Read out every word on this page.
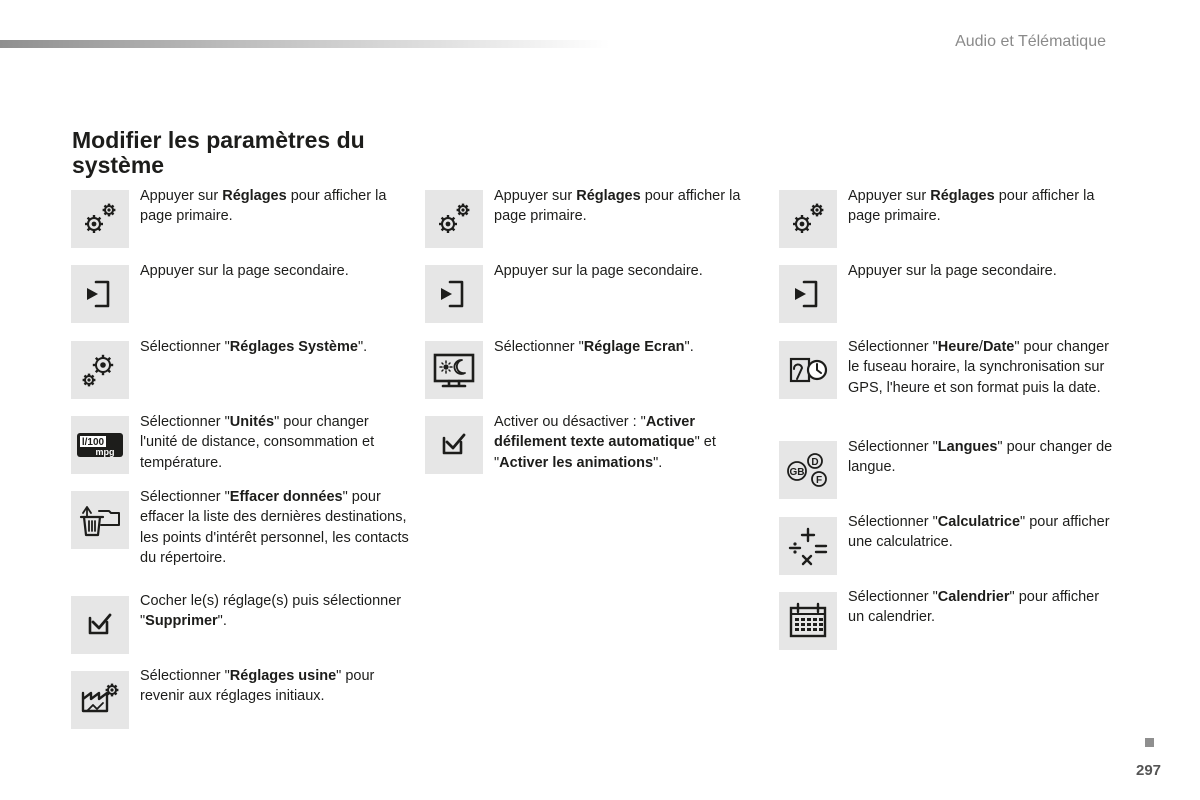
Audio et Télématique
Modifier les paramètres du système
Appuyer sur Réglages pour afficher la page primaire.
Appuyer sur la page secondaire.
Sélectionner "Réglages Système".
l/100
mpg
Sélectionner "Unités" pour changer l'unité de distance, consommation et température.
Sélectionner "Effacer données" pour effacer la liste des dernières destinations, les points d'intérêt personnel, les contacts du répertoire.
Cocher le(s) réglage(s) puis sélectionner "Supprimer".
Sélectionner "Réglages usine" pour revenir aux réglages initiaux.
Appuyer sur Réglages pour afficher la page primaire.
Appuyer sur la page secondaire.
Sélectionner "Réglage Ecran".
Activer ou désactiver : "Activer défilement texte automatique" et "Activer les animations".
Appuyer sur Réglages pour afficher la page primaire.
Appuyer sur la page secondaire.
Sélectionner "Heure/Date" pour changer le fuseau horaire, la synchronisation sur GPS, l'heure et son format puis la date.
D
GB
F
Sélectionner "Langues" pour changer de langue.
Sélectionner "Calculatrice" pour afficher une calculatrice.
Sélectionner "Calendrier" pour afficher un calendrier.
297
